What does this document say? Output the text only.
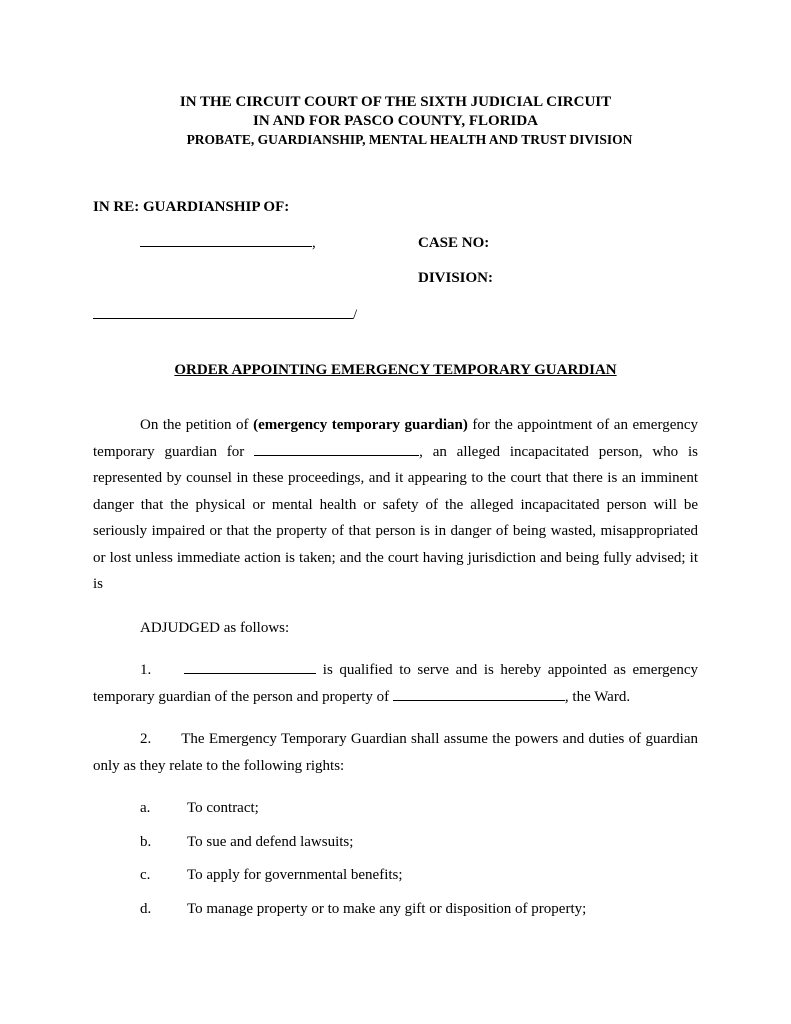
IN THE CIRCUIT COURT OF THE SIXTH JUDICIAL CIRCUIT
IN AND FOR PASCO COUNTY, FLORIDA
PROBATE, GUARDIANSHIP, MENTAL HEALTH AND TRUST DIVISION
IN RE: GUARDIANSHIP OF:
,	CASE NO:
DIVISION:
/
ORDER APPOINTING EMERGENCY TEMPORARY GUARDIAN
On the petition of (emergency temporary guardian) for the appointment of an emergency temporary guardian for	, an alleged incapacitated person, who is represented by counsel in these proceedings, and it appearing to the court that there is an imminent danger that the physical or mental health or safety of the alleged incapacitated person will be seriously impaired or that the property of that person is in danger of being wasted, misappropriated or lost unless immediate action is taken; and the court having jurisdiction and being fully advised; it is
ADJUDGED as follows:
1.	is qualified to serve and is hereby appointed as emergency temporary guardian of the person and property of	, the Ward.
2. The Emergency Temporary Guardian shall assume the powers and duties of guardian only as they relate to the following rights:
a. To contract;
b. To sue and defend lawsuits;
c. To apply for governmental benefits;
d. To manage property or to make any gift or disposition of property;
